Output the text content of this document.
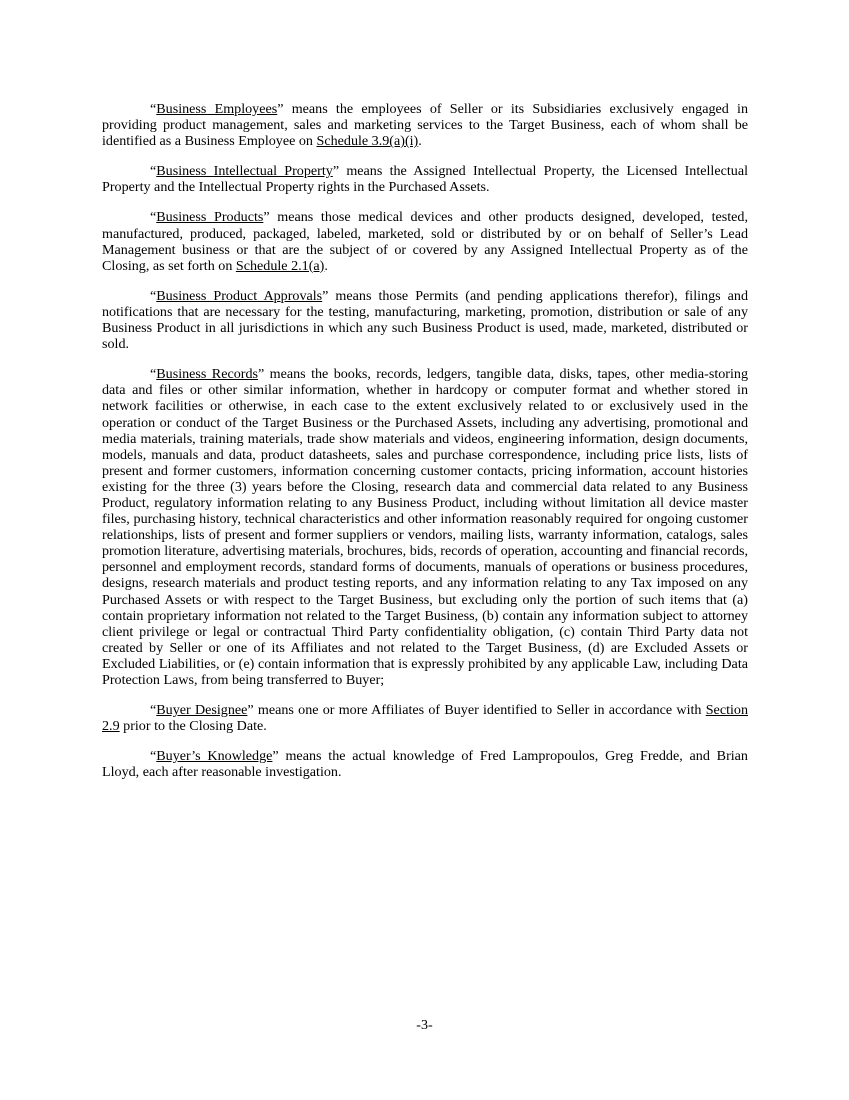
“Business Employees” means the employees of Seller or its Subsidiaries exclusively engaged in providing product management, sales and marketing services to the Target Business, each of whom shall be identified as a Business Employee on Schedule 3.9(a)(i).

“Business Intellectual Property” means the Assigned Intellectual Property, the Licensed Intellectual Property and the Intellectual Property rights in the Purchased Assets.

“Business Products” means those medical devices and other products designed, developed, tested, manufactured, produced, packaged, labeled, marketed, sold or distributed by or on behalf of Seller’s Lead Management business or that are the subject of or covered by any Assigned Intellectual Property as of the Closing, as set forth on Schedule 2.1(a).

“Business Product Approvals” means those Permits (and pending applications therefor), filings and notifications that are necessary for the testing, manufacturing, marketing, promotion, distribution or sale of any Business Product in all jurisdictions in which any such Business Product is used, made, marketed, distributed or sold.

“Business Records” means the books, records, ledgers, tangible data, disks, tapes, other media-storing data and files or other similar information, whether in hardcopy or computer format and whether stored in network facilities or otherwise, in each case to the extent exclusively related to or exclusively used in the operation or conduct of the Target Business or the Purchased Assets, including any advertising, promotional and media materials, training materials, trade show materials and videos, engineering information, design documents, models, manuals and data, product datasheets, sales and purchase correspondence, including price lists, lists of present and former customers, information concerning customer contacts, pricing information, account histories existing for the three (3) years before the Closing, research data and commercial data related to any Business Product, regulatory information relating to any Business Product, including without limitation all device master files, purchasing history, technical characteristics and other information reasonably required for ongoing customer relationships, lists of present and former suppliers or vendors, mailing lists, warranty information, catalogs, sales promotion literature, advertising materials, brochures, bids, records of operation, accounting and financial records, personnel and employment records, standard forms of documents, manuals of operations or business procedures, designs, research materials and product testing reports, and any information relating to any Tax imposed on any Purchased Assets or with respect to the Target Business, but excluding only the portion of such items that (a) contain proprietary information not related to the Target Business, (b) contain any information subject to attorney client privilege or legal or contractual Third Party confidentiality obligation, (c) contain Third Party data not created by Seller or one of its Affiliates and not related to the Target Business, (d) are Excluded Assets or Excluded Liabilities, or (e) contain information that is expressly prohibited by any applicable Law, including Data Protection Laws, from being transferred to Buyer;

“Buyer Designee” means one or more Affiliates of Buyer identified to Seller in accordance with Section 2.9 prior to the Closing Date.

“Buyer’s Knowledge” means the actual knowledge of Fred Lampropoulos, Greg Fredde, and Brian Lloyd, each after reasonable investigation.

-3-
